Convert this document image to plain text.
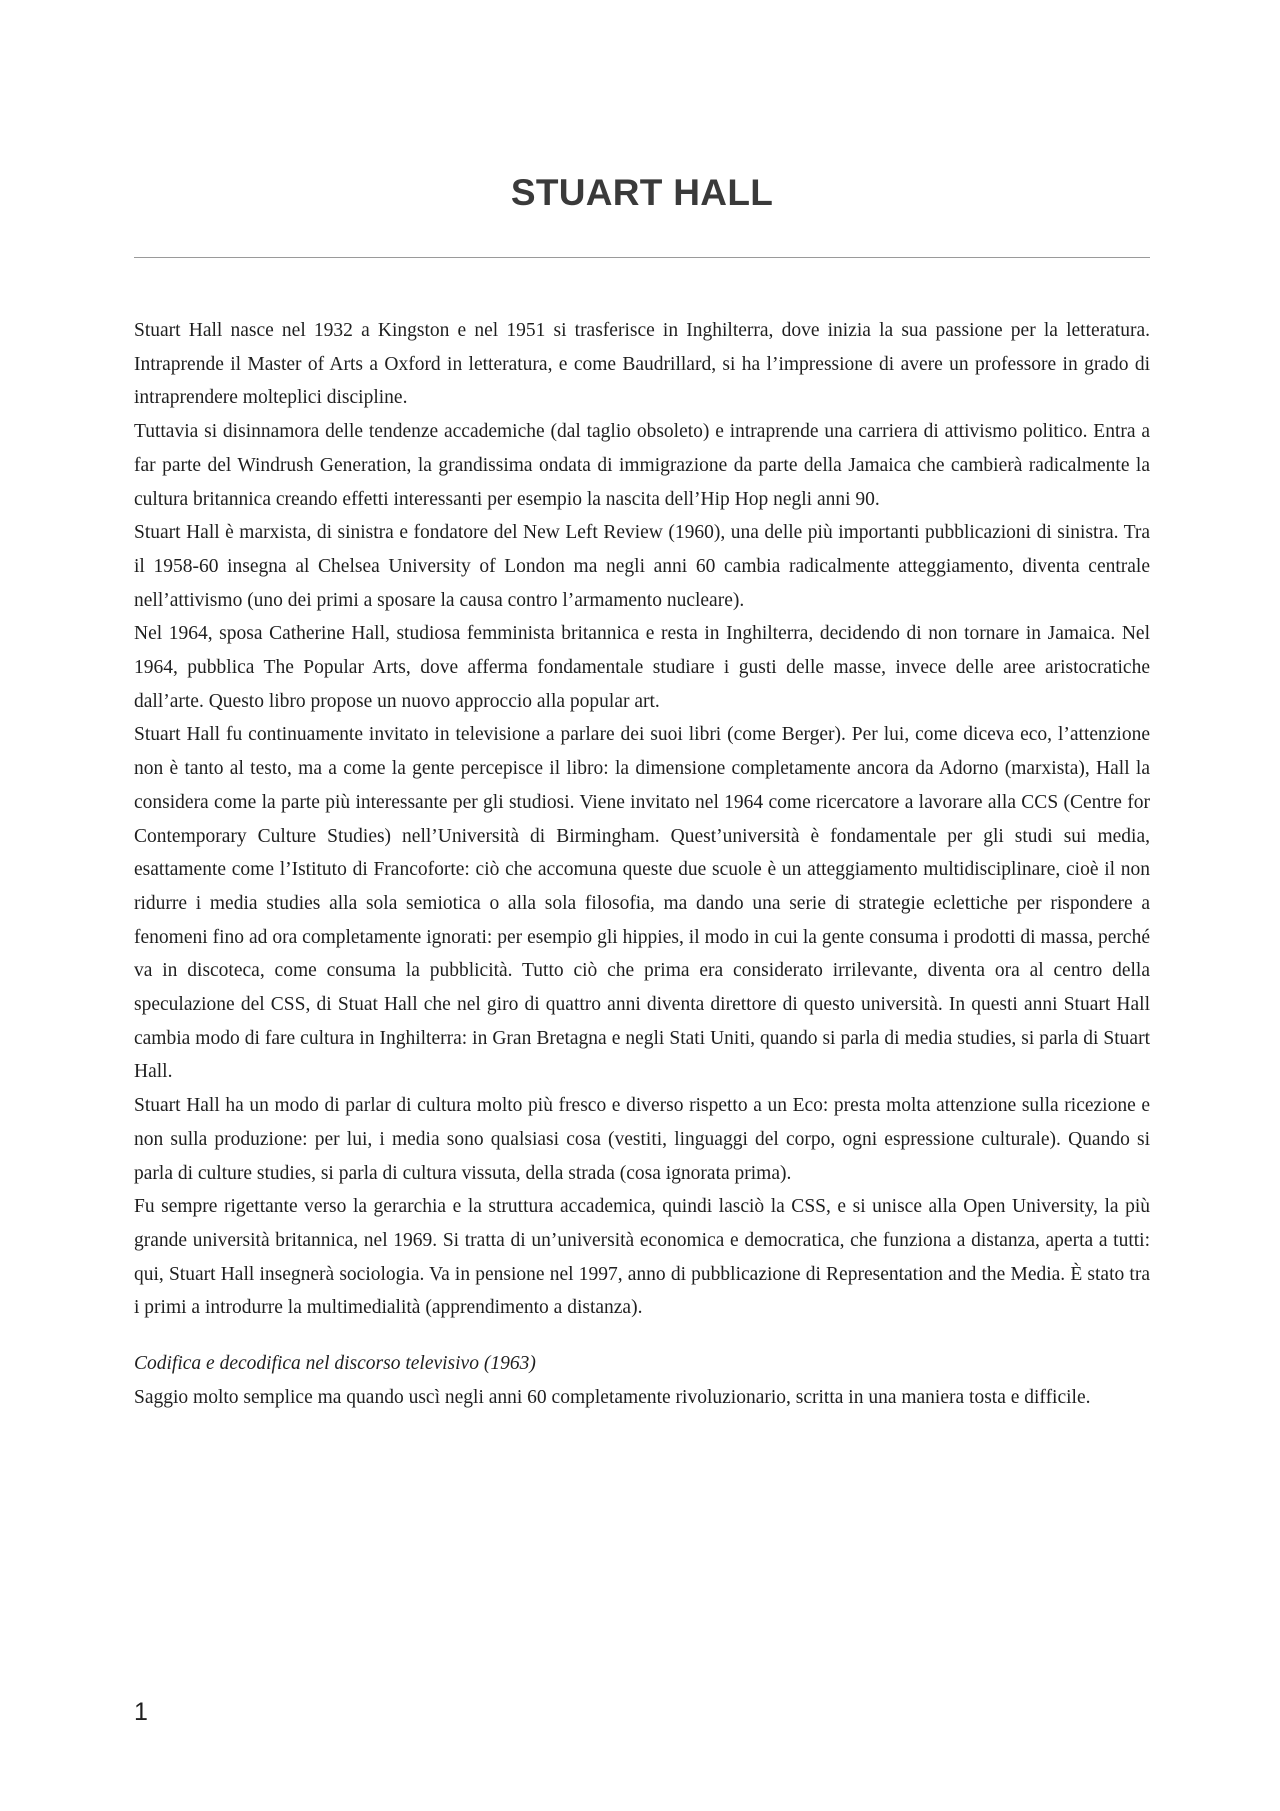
STUART HALL

Stuart Hall nasce nel 1932 a Kingston e nel 1951 si trasferisce in Inghilterra, dove inizia la sua passione per la letteratura. Intraprende il Master of Arts a Oxford in letteratura, e come Baudrillard, si ha l’impressione di avere un professore in grado di intraprendere molteplici discipline.

Tuttavia si disinnamora delle tendenze accademiche (dal taglio obsoleto) e intraprende una carriera di attivismo politico. Entra a far parte del Windrush Generation, la grandissima ondata di immigrazione da parte della Jamaica che cambierà radicalmente la cultura britannica creando effetti interessanti per esempio la nascita dell’Hip Hop negli anni 90.

Stuart Hall è marxista, di sinistra e fondatore del New Left Review (1960), una delle più importanti pubblicazioni di sinistra. Tra il 1958-60 insegna al Chelsea University of London ma negli anni 60 cambia radicalmente atteggiamento, diventa centrale nell’attivismo (uno dei primi a sposare la causa contro l’armamento nucleare).

Nel 1964, sposa Catherine Hall, studiosa femminista britannica e resta in Inghilterra, decidendo di non tornare in Jamaica. Nel 1964, pubblica The Popular Arts, dove afferma fondamentale studiare i gusti delle masse, invece delle aree aristocratiche dall’arte. Questo libro propose un nuovo approccio alla popular art.

Stuart Hall fu continuamente invitato in televisione a parlare dei suoi libri (come Berger). Per lui, come diceva eco, l’attenzione non è tanto al testo, ma a come la gente percepisce il libro: la dimensione completamente ancora da Adorno (marxista), Hall la considera come la parte più interessante per gli studiosi. Viene invitato nel 1964 come ricercatore a lavorare alla CCS (Centre for Contemporary Culture Studies) nell’Università di Birmingham. Quest’università è fondamentale per gli studi sui media, esattamente come l’Istituto di Francoforte: ciò che accomuna queste due scuole è un atteggiamento multidisciplinare, cioè il non ridurre i media studies alla sola semiotica o alla sola filosofia, ma dando una serie di strategie eclettiche per rispondere a fenomeni fino ad ora completamente ignorati: per esempio gli hippies, il modo in cui la gente consuma i prodotti di massa, perché va in discoteca, come consuma la pubblicità. Tutto ciò che prima era considerato irrilevante, diventa ora al centro della speculazione del CSS, di Stuat Hall che nel giro di quattro anni diventa direttore di questo università. In questi anni Stuart Hall cambia modo di fare cultura in Inghilterra: in Gran Bretagna e negli Stati Uniti, quando si parla di media studies, si parla di Stuart Hall.

Stuart Hall ha un modo di parlar di cultura molto più fresco e diverso rispetto a un Eco: presta molta attenzione sulla ricezione e non sulla produzione: per lui, i media sono qualsiasi cosa (vestiti, linguaggi del corpo, ogni espressione culturale). Quando si parla di culture studies, si parla di cultura vissuta, della strada (cosa ignorata prima).

Fu sempre rigettante verso la gerarchia e la struttura accademica, quindi lasciò la CSS, e si unisce alla Open University, la più grande università britannica, nel 1969. Si tratta di un’università economica e democratica, che funziona a distanza, aperta a tutti: qui, Stuart Hall insegnerà sociologia. Va in pensione nel 1997, anno di pubblicazione di Representation and the Media. È stato tra i primi a introdurre la multimedialità (apprendimento a distanza).

Codifica e decodifica nel discorso televisivo (1963)

Saggio molto semplice ma quando uscì negli anni 60 completamente rivoluzionario, scritta in una maniera tosta e difficile.

1
